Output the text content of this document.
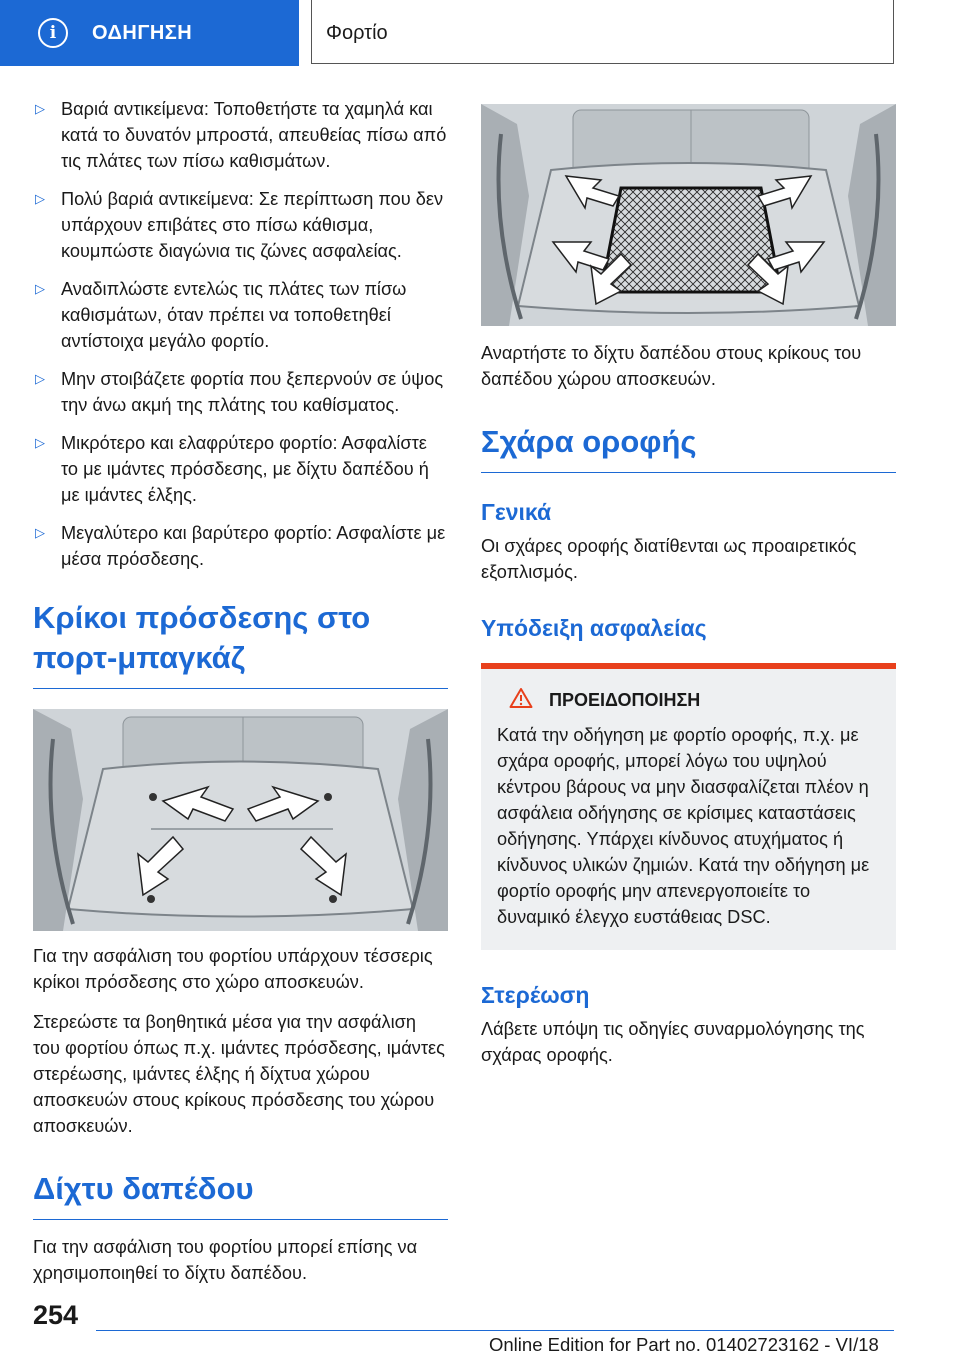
i	ΟΔΗΓΗΣΗ	Φορτίο
▷ Βαριά αντικείμενα: Τοποθετήστε τα χαμηλά και κατά το δυνατόν μπροστά, απευθείας πίσω από τις πλάτες των πίσω καθισμάτων.
▷ Πολύ βαριά αντικείμενα: Σε περίπτωση που δεν υπάρχουν επιβάτες στο πίσω κάθισμα, κουμπώστε διαγώνια τις ζώνες ασφαλείας.
▷ Αναδιπλώστε εντελώς τις πλάτες των πίσω καθισμάτων, όταν πρέπει να τοποθετηθεί αντίστοιχα μεγάλο φορτίο.
▷ Μην στοιβάζετε φορτία που ξεπερνούν σε ύψος την άνω ακμή της πλάτης του καθίσματος.
▷ Μικρότερο και ελαφρύτερο φορτίο: Ασφαλίστε το με ιμάντες πρόσδεσης, με δίχτυ δαπέδου ή με ιμάντες έλξης.
▷ Μεγαλύτερο και βαρύτερο φορτίο: Ασφαλίστε με μέσα πρόσδεσης.
Κρίκοι πρόσδεσης στο πορτ-μπαγκάζ

Για την ασφάλιση του φορτίου υπάρχουν τέσσερις κρίκοι πρόσδεσης στο χώρο αποσκευών.

Στερεώστε τα βοηθητικά μέσα για την ασφάλιση του φορτίου όπως π.χ. ιμάντες πρόσδεσης, ιμάντες στερέωσης, ιμάντες έλξης ή δίχτυα χώρου αποσκευών στους κρίκους πρόσδεσης του χώρου αποσκευών.

Δίχτυ δαπέδου

Για την ασφάλιση του φορτίου μπορεί επίσης να χρησιμοποιηθεί το δίχτυ δαπέδου.

Αναρτήστε το δίχτυ δαπέδου στους κρίκους του δαπέδου χώρου αποσκευών.

Σχάρα οροφής
Γενικά

Οι σχάρες οροφής διατίθενται ως προαιρετικός εξοπλισμός.

Υπόδειξη ασφαλείας
ΠΡΟΕΙΔΟΠΟΙΗΣΗ

Κατά την οδήγηση με φορτίο οροφής, π.χ. με σχάρα οροφής, μπορεί λόγω του υψηλού κέντρου βάρους να μην διασφαλίζεται πλέον η ασφάλεια οδήγησης σε κρίσιμες καταστάσεις οδήγησης. Υπάρχει κίνδυνος ατυχήματος ή κίνδυνος υλικών ζημιών. Κατά την οδήγηση με φορτίο οροφής μην απενεργοποιείτε το δυναμικό έλεγχο ευστάθειας DSC.

Στερέωση

Λάβετε υπόψη τις οδηγίες συναρμολόγησης της σχάρας οροφής.

254
Online Edition for Part no. 01402723162 - VI/18
